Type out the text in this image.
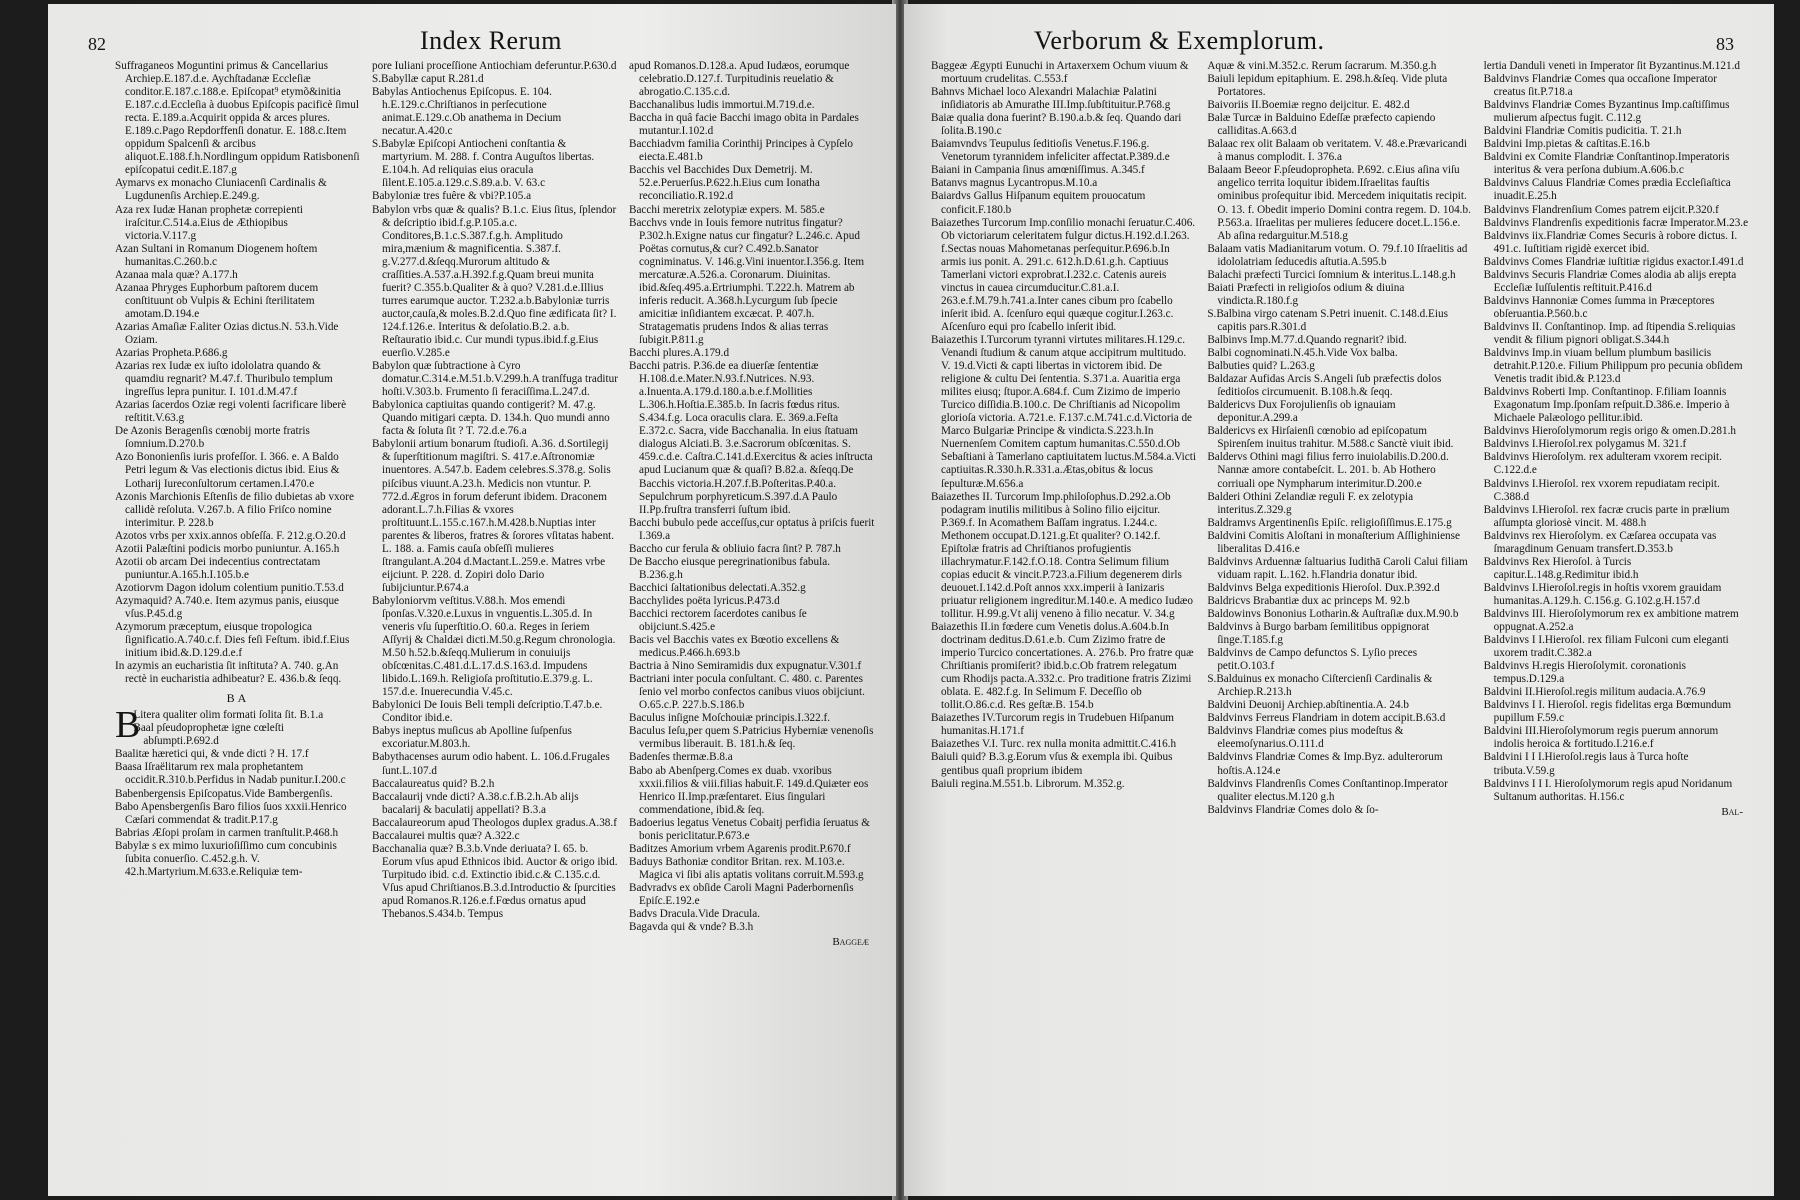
82	Index Rerum
Suffraganeos Moguntini primus & Cancellarius Archiep.E.187.d.e. Aychſtadanæ Eccleſiæ conditor.E.187.c.188.e. Epiſcopat⁹ etymõ&initia E.187.c.d.Eccleſia à duobus Epiſcopis pacificè ſimul recta. E.189.a.Acquirit oppida & arces plures. E.189.c.Pago Repdorffenſi donatur. E. 188.c.Item oppidum Spalcenſi & arcibus aliquot.E.188.f.h.Nordlingum oppidum Ratisbonenſi epiſcopatui cedit.E.187.g
Aymarvs ex monacho Cluniacenſi Cardinalis & Lugdunenſis Archiep.E.249.g.
Aza rex Iudæ Hanan prophetæ correpienti iraſcitur.C.514.a.Eius de Æthiopibus victoria.V.117.g
Azan Sultani in Romanum Diogenem hoſtem humanitas.C.260.b.c
Azanaa mala quæ? A.177.h
Azanaa Phryges Euphorbum paſtorem ducem conſtituunt ob Vulpis & Echini ſterilitatem amotam.D.194.e
Azarias Amaſiæ F.aliter Ozias dictus.N. 53.h.Vide Oziam.
Azarias Propheta.P.686.g
Azarias rex Iudæ ex iuſto idololatra quando & quamdiu regnarit? M.47.f. Thuribulo templum ingreſſus lepra punitur. I. 101.d.M.47.f
Azarias ſacerdos Oziæ regi volenti ſacrificare liberè reſtitit.V.63.g
De Azonis Beragenſis cœnobij morte fratris ſomnium.D.270.b
Azo Bononienſis iuris profeſſor. I. 366. e. A Baldo Petri legum & Vas electionis dictus ibid. Eius & Lotharij Iureconſultorum certamen.I.470.e
Azonis Marchionis Eſtenſis de filio dubietas ab vxore callidè reſoluta. V.267.b. A filio Friſco nomine interimitur. P. 228.b
Azotos vrbs per xxix.annos obſeſſa. F. 212.g.O.20.d
Azotii Palæſtini podicis morbo puniuntur. A.165.h
Azotii ob arcam Dei indecentius contrectatam puniuntur.A.165.h.I.105.b.e
Azotiorvm Dagon idolum colentium punitio.T.53.d
Azymaquid? A.740.e. Item azymus panis, eiusque vſus.P.45.d.g
Azymorum præceptum, eiusque tropologica ſignificatio.A.740.c.f. Dies feſi Feſtum. ibid.f.Eius initium ibid.&.D.129.d.e.f
In azymis an eucharistia ſit inſtituta? A. 740. g.An rectè in eucharistia adhibeatur? E. 436.b.& ſeqq.
BA
B
Litera qualiter olim formati ſolita ſit. B.1.a
Baal pſeudoprophetæ igne cœleſti abſumpti.P.692.d
Baalitæ hæretici qui, & vnde dicti ? H. 17.f
Baasa Iſraëlitarum rex mala prophetantem occidit.R.310.b.Perfidus in Nadab punitur.I.200.c
Babenbergensis Epiſcopatus.Vide Bambergenſis.
Babo Apensbergenſis Baro filios ſuos xxxii.Henrico Cæſari commendat & tradit.P.17.g
Babrias Æſopi proſam in carmen tranſtulit.P.468.h
Babylæ s ex mimo luxurioſiſſimo cum concubinis ſubita conuerſio. C.452.g.h. V. 42.h.Martyrium.M.633.e.Reliquiæ tem-
pore Iuliani proceſſione Antiochiam deferuntur.P.630.d
S.Babyllæ caput R.281.d
Babylas Antiochenus Epiſcopus. E. 104. h.E.129.c.Chriſtianos in perſecutione animat.E.129.c.Ob anathema in Decium necatur.A.420.c
S.Babylæ Epiſcopi Antiocheni conſtantia & martyrium. M. 288. f. Contra Auguſtos libertas. E.104.h. Ad reliquias eius oracula ſilent.E.105.a.129.c.S.89.a.b. V. 63.c
Babyloniæ tres fuêre & vbi?P.105.a
Babylon vrbs quæ & qualis? B.1.c. Eius ſitus, ſplendor & deſcriptio ibid.f.g.P.105.a.c. Conditores,B.1.c.S.387.f.g.h. Amplitudo mira,mænium & magnificentia. S.387.f. g.V.277.d.&ſeqq.Murorum altitudo & craſſities.A.537.a.H.392.f.g.Quam breui munita fuerit? C.355.b.Qualiter & à quo? V.281.d.e.Illius turres earumque auctor. T.232.a.b.Babyloniæ turris auctor,cauſa,& moles.B.2.d.Quo fine ædificata ſit? I. 124.f.126.e. Interitus & deſolatio.B.2. a.b. Reſtauratio ibid.c. Cur mundi typus.ibid.f.g.Eius euerſio.V.285.e
Babylon quæ ſubtractione à Cyro domatur.C.314.e.M.51.b.V.299.h.A tranſfuga traditur hoſti.V.303.b. Frumento ſi feraciſſima.L.247.d.
Babylonica captiuitas quando contigerit? M. 47.g. Quando mitigari cæpta. D. 134.h. Quo mundi anno facta & ſoluta ſit ? T. 72.d.e.76.a
Babylonii artium bonarum ſtudioſi. A.36. d.Sortilegij & ſuperſtitionum magiſtri. S. 417.e.Aſtronomiæ inuentores. A.547.b. Eadem celebres.S.378.g. Solis piſcibus viuunt.A.23.h. Medicis non vtuntur. P. 772.d.Ægros in forum deferunt ibidem. Draconem adorant.L.7.h.Filias & vxores proſtituunt.L.155.c.167.h.M.428.b.Nuptias inter parentes & liberos, fratres & ſorores vſitatas habent. L. 188. a. Famis cauſa obſeſſi mulieres ſtrangulant.A.204 d.Mactant.L.259.e. Matres vrbe eijciunt. P. 228. d. Zopiri dolo Dario ſubijciuntur.P.674.a
Babyloniorvm veſtitus.V.88.h. Mos emendi ſponſas.V.320.e.Luxus in vnguentis.L.305.d. In veneris vſu ſuperſtitio.O. 60.a. Reges in ſeriem Aſſyrij & Chaldæi dicti.M.50.g.Regum chronologia. M.50 h.52.b.&ſeqq.Mulierum in conuiuijs obſcœnitas.C.481.d.L.17.d.S.163.d. Impudens libido.L.169.h. Religioſa proſtitutio.E.379.g. L. 157.d.e. Inuerecundia V.45.c.
Babylonici De Iouis Beli templi deſcriptio.T.47.b.e. Conditor ibid.e.
Babys ineptus muſicus ab Apolline ſuſpenſus excoriatur.M.803.h.
Babythacenses aurum odio habent. L. 106.d.Frugales ſunt.L.107.d
Baccalaureatus quid? B.2.h
Baccalaurij vnde dicti? A.38.c.f.B.2.h.Ab alijs bacalarij & baculatij appellati? B.3.a
Baccalaureorum apud Theologos duplex gradus.A.38.f
Baccalaurei multis quæ? A.322.c
Bacchanalia quæ? B.3.b.Vnde deriuata? I. 65. b. Eorum vſus apud Ethnicos ibid. Auctor & origo ibid. Turpitudo ibid. c.d. Extinctio ibid.c.& C.135.c.d. Vſus apud Chriſtianos.B.3.d.Introductio & ſpurcities apud Romanos.R.126.e.f.Fœdus ornatus apud Thebanos.S.434.b. Tempus
apud Romanos.D.128.a. Apud Iudæos, eorumque celebratio.D.127.f. Turpitudinis reuelatio & abrogatio.C.135.c.d.
Bacchanalibus ludis immortui.M.719.d.e.
Baccha in quâ facie Bacchi imago obita in Pardales mutantur.I.102.d
Bacchiadvm familia Corinthij Principes à Cypſelo eiecta.E.481.b
Bacchis vel Bacchides Dux Demetrij. M. 52.e.Peruerſus.P.622.h.Eius cum Ionatha reconciliatio.R.192.d
Bacchi meretrix zelotypiæ expers. M. 585.e
Bacchvs vnde in Iouis femore nutritus fingatur? P.302.h.Exigne natus cur fingatur? L.246.c. Apud Poëtas cornutus,& cur? C.492.b.Sanator cogniminatus. V. 146.g.Vini inuentor.I.356.g. Item mercaturæ.A.526.a. Coronarum. Diuinitas. ibid.&ſeq.495.a.Ertriumphi. T.222.h. Matrem ab inferis reducit. A.368.h.Lycurgum ſub ſpecie amicitiæ inſidiantem excæcat. P. 407.h. Stratagematis prudens Indos & alias terras ſubigit.P.811.g
Bacchi plures.A.179.d
Bacchi patris. P.36.de ea diuerſæ ſententiæ H.108.d.e.Mater.N.93.f.Nutrices. N.93. a.Inuenta.A.179.d.180.a.b.e.f.Mollities L.306.h.Hoſtia.E.385.b. In ſacris fœdus ritus. S.434.f.g. Loca oraculis clara. E. 369.a.Feſta E.372.c. Sacra, vide Bacchanalia. In eius ſtatuam dialogus Alciati.B. 3.e.Sacrorum obſcœnitas. S. 459.c.d.e. Caſtra.C.141.d.Exercitus & acies inſtructa apud Lucianum quæ & quaſi? B.82.a. &ſeqq.De Bacchis victoria.H.207.f.B.Poſteritas.P.40.a. Sepulchrum porphyreticum.S.397.d.A Paulo II.Pp.fruſtra transferri ſuſtum ibid.
Bacchi bubulo pede acceſſus,cur optatus à priſcis fuerit I.369.a
Baccho cur ferula & obliuio facra ſint? P. 787.h
De Baccho eiusque peregrinationibus fabula. B.236.g.h
Bacchici ſaltationibus delectati.A.352.g
Bacchylides poëta lyricus.P.473.d
Bacchici rectorem ſacerdotes canibus ſe obijciunt.S.425.e
Bacis vel Bacchis vates ex Bœotio excellens & medicus.P.466.h.693.b
Bactria à Nino Semiramidis dux expugnatur.V.301.f
Bactriani inter pocula conſultant. C. 480. c. Parentes ſenio vel morbo confectos canibus viuos obijciunt. O.65.c.P. 227.b.S.186.b
Baculus inſigne Moſchouiæ principis.I.322.f.
Baculus Ieſu,per quem S.Patricius Hyberniæ venenoſis vermibus liberauit. B. 181.h.& ſeq.
Badenſes thermæ.B.8.a
Babo ab Abenſperg.Comes ex duab. vxoribus xxxii.filios & viii.filias habuit.F. 149.d.Quiæter eos Henrico II.Imp.præſentaret. Eius ſingulari commendatione, ibid.& ſeq.
Badoerius legatus Venetus Cobaitj perfidia ſeruatus & bonis periclitatur.P.673.e
Baditzes Amorium vrbem Agarenis prodit.P.670.f
Baduys Bathoniæ conditor Britan. rex. M.103.e. Magica vi ſibi alis aptatis volitans corruit.M.593.g
Badvradvs ex obſide Caroli Magni Paderbornenſis Epiſc.E.192.e
Badvs Dracula.Vide Dracula.
Bagavda qui & vnde? B.3.h
Baggeæ
Verborum & Exemplorum.	83
Baggeæ Ægypti Eunuchi in Artaxerxem Ochum viuum & mortuum crudelitas. C.553.f
Bahnvs Michael loco Alexandri Malachiæ Palatini inſidiatoris ab Amurathe III.Imp.ſubſtituitur.P.768.g
Baiæ qualia dona fuerint? B.190.a.b.& ſeq. Quando dari ſolita.B.190.c
Baiamvndvs Teupulus ſeditioſis Venetus.F.196.g. Venetorum tyrannidem infeliciter affectat.P.389.d.e
Baiani in Campania ſinus amœniſſimus. A.345.f
Batanvs magnus Lycantropus.M.10.a
Baiardvs Gallus Hiſpanum equitem prouocatum conficit.F.180.b
Baiazethes Turcorum Imp.conſilio monachi ſeruatur.C.406. Ob victoriarum celeritatem fulgur dictus.H.192.d.I.263. f.Sectas nouas Mahometanas perſequitur.P.696.b.In armis ius ponit. A. 291.c. 612.h.D.61.g.h. Captiuus Tamerlani victori exprobrat.I.232.c. Catenis aureis vinctus in cauea circumducitur.C.81.a.I. 263.e.f.M.79.h.741.a.Inter canes cibum pro ſcabello inſerit ibid. A. ſcenſuro equi quæque cogitur.I.263.c. Aſcenſuro equi pro ſcabello inſerit ibid.
Baiazethis I.Turcorum tyranni virtutes militares.H.129.c. Venandi ſtudium & canum atque accipitrum multitudo. V. 19.d.Victi & capti libertas in victorem ibid. De religione & cultu Dei ſententia. S.371.a. Auaritia erga milites eiusq; ſtupor.A.684.f. Cum Zizimo de imperio Turcico diſſidia.B.100.c. De Chriſtianis ad Nicopolim glorioſa victoria. A.721.e. F.137.c.M.741.c.d.Victoria de Marco Bulgariæ Principe & vindicta.S.223.h.In Nuernenſem Comitem captum humanitas.C.550.d.Ob Sebaſtiani à Tamerlano captiuitatem luctus.M.584.a.Victi captiuitas.R.330.h.R.331.a.Ætas,obitus & locus ſepulturæ.M.656.a
Baiazethes II. Turcorum Imp.philoſophus.D.292.a.Ob podagram inutilis militibus à Solino filio eijcitur. P.369.f. In Acomathem Baſſam ingratus. I.244.c. Methonem occupat.D.121.g.Et qualiter? O.142.f. Epiſtolæ fratris ad Chriſtianos profugientis illachrymatur.F.142.f.O.18. Contra Selimum filium copias educit & vincit.P.723.a.Filium degenerem dirls deuouet.I.142.d.Poſt annos xxx.imperii à Ianizaris priuatur religionem ingreditur.M.140.e. A medico Iudæo tollitur. H.99.g.Vt alij veneno à filio necatur. V. 34.g
Baiazethis II.in fœdere cum Venetis dolus.A.604.b.In doctrinam deditus.D.61.e.b. Cum Zizimo fratre de imperio Turcico concertationes. A. 276.b. Pro fratre quæ Chriſtianis promiſerit? ibid.b.c.Ob fratrem relegatum cum Rhodijs pacta.A.332.c. Pro traditione fratris Zizimi oblata. E. 482.f.g. In Selimum F. Deceſſio ob tollit.O.86.c.d. Res geſtæ.B. 154.b
Baiazethes IV.Turcorum regis in Trudebuen Hiſpanum humanitas.H.171.f
Baiazethes V.I. Turc. rex nulla monita admittit.C.416.h
Baiuli quid? B.3.g.Eorum vſus & exempla ibi. Quibus gentibus quaſi proprium ibidem
Baiuli regina.M.551.b. Librorum. M.352.g.
Aquæ & vini.M.352.c. Rerum ſacrarum. M.350.g.h
Baiuli lepidum epitaphium. E. 298.h.&ſeq. Vide pluta Portatores.
Baivoriis II.Boemiæ regno deijcitur. E. 482.d
Balæ Turcæ in Balduino Edeſſæ præfecto capiendo calliditas.A.663.d
Balaac rex olit Balaam ob veritatem. V. 48.e.Prævaricandi à manus complodit. I. 376.a
Balaam Beeor F.pſeudopropheta. P.692. c.Eius aſina viſu angelico territa loquitur ibidem.Iſraelitas fauſtis ominibus proſequitur ibid. Mercedem iniquitatis recipit. O. 13. f. Obedit imperio Domini contra regem. D. 104.b. P.563.a. Iſraelitas per mulieres ſeducere docet.L.156.e. Ab aſina redarguitur.M.518.g
Balaam vatis Madianitarum votum. O. 79.f.10 Iſraelitis ad idololatriam ſeducedis aſtutia.A.595.b
Balachi præfecti Turcici ſomnium & interitus.L.148.g.h
Baiati Præfecti in religioſos odium & diuina vindicta.R.180.f.g
S.Balbina virgo catenam S.Petri inuenit. C.148.d.Eius capitis pars.R.301.d
Balbinvs Imp.M.77.d.Quando regnarit? ibid.
Balbi cognominati.N.45.h.Vide Vox balba.
Balbuties quid? L.263.g
Baldazar Aufidas Arcis S.Angeli ſub præfectis dolos ſeditioſos circumuenit. B.108.h.& ſeqq.
Baldericvs Dux Forojulienſis ob ignauiam deponitur.A.299.a
Baldericvs ex Hirſaienſi cœnobio ad epiſcopatum Spirenſem inuitus trahitur. M.588.c Sanctè viuit ibid.
Baldervs Othini magi filius ferro inuiolabilis.D.200.d. Nannæ amore contabeſcit. L. 201. b. Ab Hothero corriuali ope Nympharum interimitur.D.200.e
Balderi Othini Zelandiæ reguli F. ex zelotypia interitus.Z.329.g
Baldramvs Argentinenſis Epiſc. religioſiſſimus.E.175.g
Baldvini Comitis Aloſtani in monaſterium Aſſlighiniense liberalitas D.416.e
Baldvinvs Arduennæ ſaltuarius Iudithā Caroli Calui filiam viduam rapit. L.162. h.Flandria donatur ibid.
Baldvinvs Belga expeditionis Hieroſol. Dux.P.392.d
Baldricvs Brabantiæ dux ac princeps M. 92.b
Baldowinvs Bononius Lotharin.& Auſtraſiæ dux.M.90.b
Baldvinvs à Burgo barbam ſemilitibus oppignorat ſinge.T.185.f.g
Baldvinvs de Campo defunctos S. Lyſio preces petit.O.103.f
S.Balduinus ex monacho Ciſtercienſi Cardinalis & Archiep.R.213.h
Baldvini Deuonij Archiep.abſtinentia.A. 24.b
Baldvinvs Ferreus Flandriam in dotem accipit.B.63.d
Baldvinvs Flandriæ comes pius modeſtus & eleemoſynarius.O.111.d
Baldvinvs Flandriæ Comes & Imp.Byz. adulterorum hoſtis.A.124.e
Baldvinvs Flandrenſis Comes Conſtantinop.Imperator qualiter electus.M.120 g.h
Baldvinvs Flandriæ Comes dolo & ſo-
lertia Danduli veneti in Imperator ſit Byzantinus.M.121.d
Baldvinvs Flandriæ Comes qua occaſione Imperator creatus ſit.P.718.a
Baldvinvs Flandriæ Comes Byzantinus Imp.caſtiſſimus mulierum aſpectus fugit. C.112.g
Baldvini Flandriæ Comitis pudicitia. T. 21.h
Baldvini Imp.pietas & caſtitas.E.16.b
Baldvini ex Comite Flandriæ Conſtantinop.Imperatoris interitus & vera perſona dubium.A.606.b.c
Baldvinvs Caluus Flandriæ Comes prædia Eccleſiaſtica inuadit.E.25.h
Baldvinvs Flandrenſium Comes patrem eijcit.P.320.f
Baldvinvs Flandrenſis expeditionis facræ Imperator.M.23.e
Baldvinvs iix.Flandriæ Comes Securis à robore dictus. I. 491.c. Iuſtitiam rigidè exercet ibid.
Baldvinvs Comes Flandriæ iuſtitiæ rigidus exactor.I.491.d
Baldvinvs Securis Flandriæ Comes alodia ab alijs erepta Eccleſiæ Iuſſulentis reſtituit.P.416.d
Baldvinvs Hannoniæ Comes ſumma in Præceptores obſeruantia.P.560.b.c
Baldvinvs II. Conſtantinop. Imp. ad ſtipendia S.reliquias vendit & filium pignori obligat.S.344.h
Baldvinvs Imp.in viuam bellum plumbum basilicis detrahit.P.120.e. Filium Philippum pro pecunia obſidem Venetis tradit ibid.& P.123.d
Baldvinvs Roberti Imp. Conſtantinop. F.filiam Ioannis Exagonatum Imp.ſponſam reſpuit.D.386.e. Imperio à Michaele Palæologo pellitur.ibid.
Baldvinvs Hieroſolymorum regis origo & omen.D.281.h
Baldvinvs I.Hieroſol.rex polygamus M. 321.f
Baldvinvs Hieroſolym. rex adulteram vxorem recipit. C.122.d.e
Baldvinvs I.Hieroſol. rex vxorem repudiatam recipit. C.388.d
Baldvinvs I.Hieroſol. rex facræ crucis parte in prælium aſſumpta gloriosè vincit. M. 488.h
Baldvinvs rex Hieroſolym. ex Cæſarea occupata vas ſmaragdinum Genuam transfert.D.353.b
Baldvinvs Rex Hieroſol. à Turcis capitur.L.148.g.Redimitur ibid.h
Baldvinvs I.Hieroſol.regis in hoſtis vxorem grauidam humanitas.A.129.h. C.156.g. G.102.g.H.157.d
Baldvinvs III. Hieroſolymorum rex ex ambitione matrem oppugnat.A.252.a
Baldvinvs I I.Hieroſol. rex filiam Fulconi cum eleganti uxorem tradit.C.382.a
Baldvinvs H.regis Hieroſolymit. coronationis tempus.D.129.a
Baldvini II.Hieroſol.regis militum audacia.A.76.9
Baldvinvs I I. Hieroſol. regis fidelitas erga Bœmundum pupillum F.59.c
Baldvini III.Hieroſolymorum regis puerum annorum indolis heroica & fortitudo.I.216.e.f
Baldvini I I I.Hieroſol.regis laus à Turca hoſte tributa.V.59.g
Baldvinvs I I I. Hieroſolymorum regis apud Noridanum Sultanum authoritas. H.156.c
Bal-
